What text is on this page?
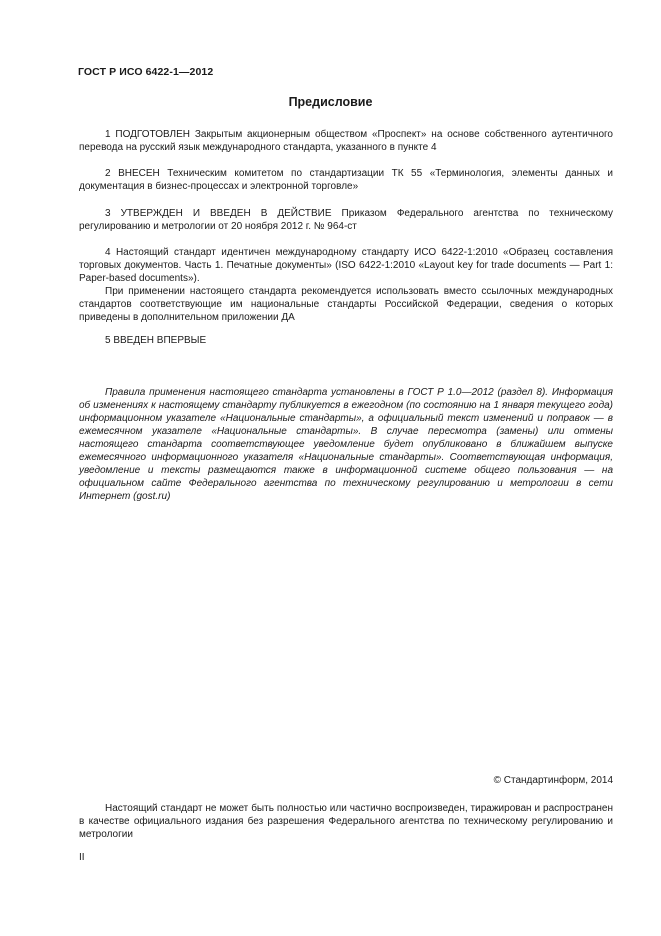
ГОСТ Р ИСО 6422-1—2012
Предисловие

1 ПОДГОТОВЛЕН Закрытым акционерным обществом «Проспект» на основе собственного аутентичного перевода на русский язык международного стандарта, указанного в пункте 4

2 ВНЕСЕН Техническим комитетом по стандартизации ТК 55 «Терминология, элементы данных и документация в бизнес-процессах и электронной торговле»

3 УТВЕРЖДЕН И ВВЕДЕН В ДЕЙСТВИЕ Приказом Федерального агентства по техническому регулированию и метрологии от 20 ноября 2012 г. № 964-ст

4 Настоящий стандарт идентичен международному стандарту ИСО 6422-1:2010 «Образец составления торговых документов. Часть 1. Печатные документы» (ISO 6422-1:2010 «Layout key for trade documents — Part 1: Paper-based documents»).

При применении настоящего стандарта рекомендуется использовать вместо ссылочных международных стандартов соответствующие им национальные стандарты Российской Федерации, сведения о которых приведены в дополнительном приложении ДА

5 ВВЕДЕН ВПЕРВЫЕ

Правила применения настоящего стандарта установлены в ГОСТ Р 1.0—2012 (раздел 8). Информация об изменениях к настоящему стандарту публикуется в ежегодном (по состоянию на 1 января текущего года) информационном указателе «Национальные стандарты», а официальный текст изменений и поправок — в ежемесячном указателе «Национальные стандарты». В случае пересмотра (замены) или отмены настоящего стандарта соответствующее уведомление будет опубликовано в ближайшем выпуске ежемесячного информационного указателя «Национальные стандарты». Соответствующая информация, уведомление и тексты размещаются также в информационной системе общего пользования — на официальном сайте Федерального агентства по техническому регулированию и метрологии в сети Интернет (gost.ru)

© Стандартинформ, 2014

Настоящий стандарт не может быть полностью или частично воспроизведен, тиражирован и распространен в качестве официального издания без разрешения Федерального агентства по техническому регулированию и метрологии

II
